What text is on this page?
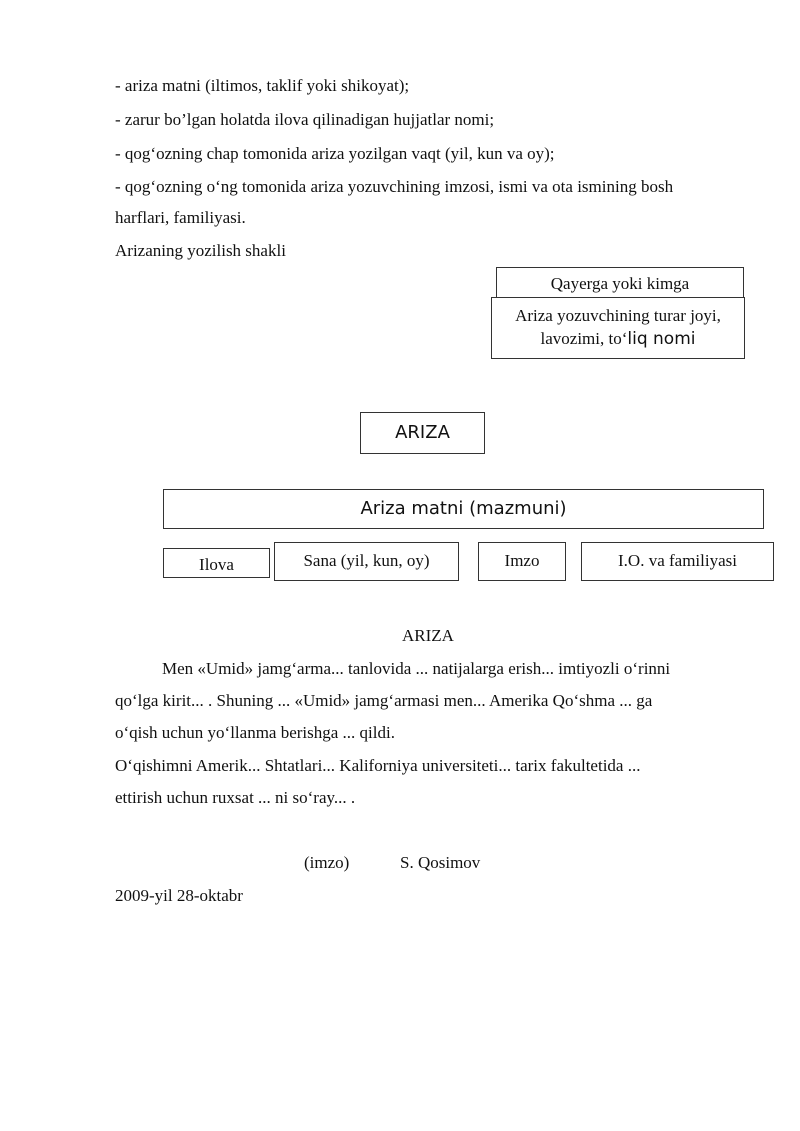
- ariza matni (iltimos, taklif yoki shikoyat);
- zarur bo’lgan holatda ilova qilinadigan hujjatlar nomi;
- qog‘ozning chap tomonida ariza yozilgan vaqt (yil, kun va oy);
- qog‘ozning o‘ng tomonida ariza yozuvchining imzosi, ismi va ota ismining bosh
harflari, familiyasi.
Arizaning yozilish shakli
Qayerga yoki kimga
Ariza yozuvchining turar joyi,
lavozimi, to‘liq nomi
ARIZA
Ariza matni (mazmuni)
Ilova	Sana (yil, kun, oy)	Imzo	I.O. va familiyasi
ARIZA
Men «Umid» jamg‘arma... tanlovida ... natijalarga erish... imtiyozli o‘rinni
qo‘lga kirit... . Shuning ... «Umid» jamg‘armasi men... Amerika Qo‘shma ... ga
o‘qish uchun yo‘llanma berishga ... qildi.
O‘qishimni Amerik... Shtatlari... Kaliforniya universiteti... tarix fakultetida ...
ettirish uchun ruxsat ... ni so‘ray... .
(imzo)	S. Qosimov
2009-yil 28-oktabr
